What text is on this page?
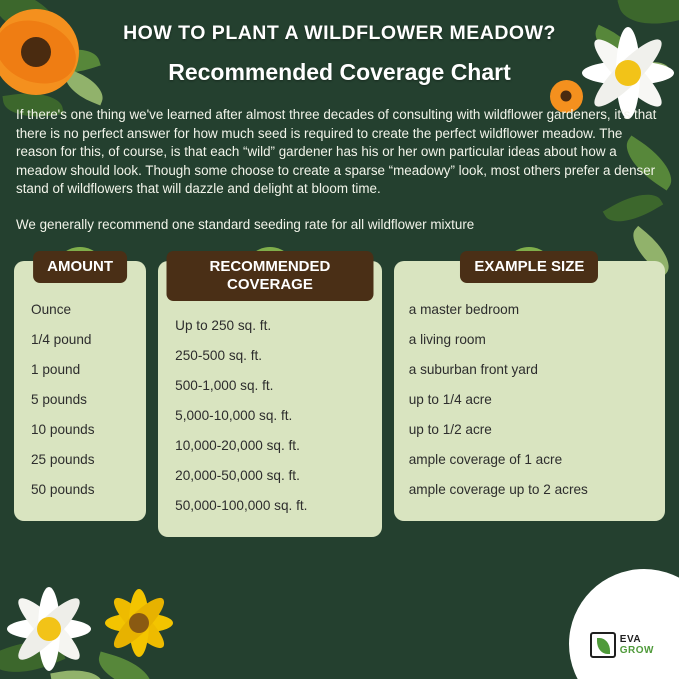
HOW TO PLANT A WILDFLOWER MEADOW?
Recommended Coverage Chart

If there's one thing we've learned after almost three decades of consulting with wildflower gardeners, it's that there is no perfect answer for how much seed is required to create the perfect wildflower meadow. The reason for this, of course, is that each “wild” gardener has his or her own particular ideas about how a meadow should look. Though some choose to create a sparse “meadowy” look, most others prefer a denser stand of wildflowers that will dazzle and delight at bloom time.

We generally recommend one standard seeding rate for all wildflower mixture

AMOUNT
Ounce
1/4 pound
1 pound
5 pounds
10 pounds
25 pounds
50 pounds
RECOMMENDED COVERAGE
Up to 250 sq. ft.
250-500 sq. ft.
500-1,000 sq. ft.
5,000-10,000 sq. ft.
10,000-20,000 sq. ft.
20,000-50,000 sq. ft.
50,000-100,000 sq. ft.
EXAMPLE SIZE
a master bedroom
a living room
a suburban front yard
up to 1/4 acre
up to 1/2 acre
ample coverage of 1 acre
ample coverage up to 2 acres
EVA
GROW
